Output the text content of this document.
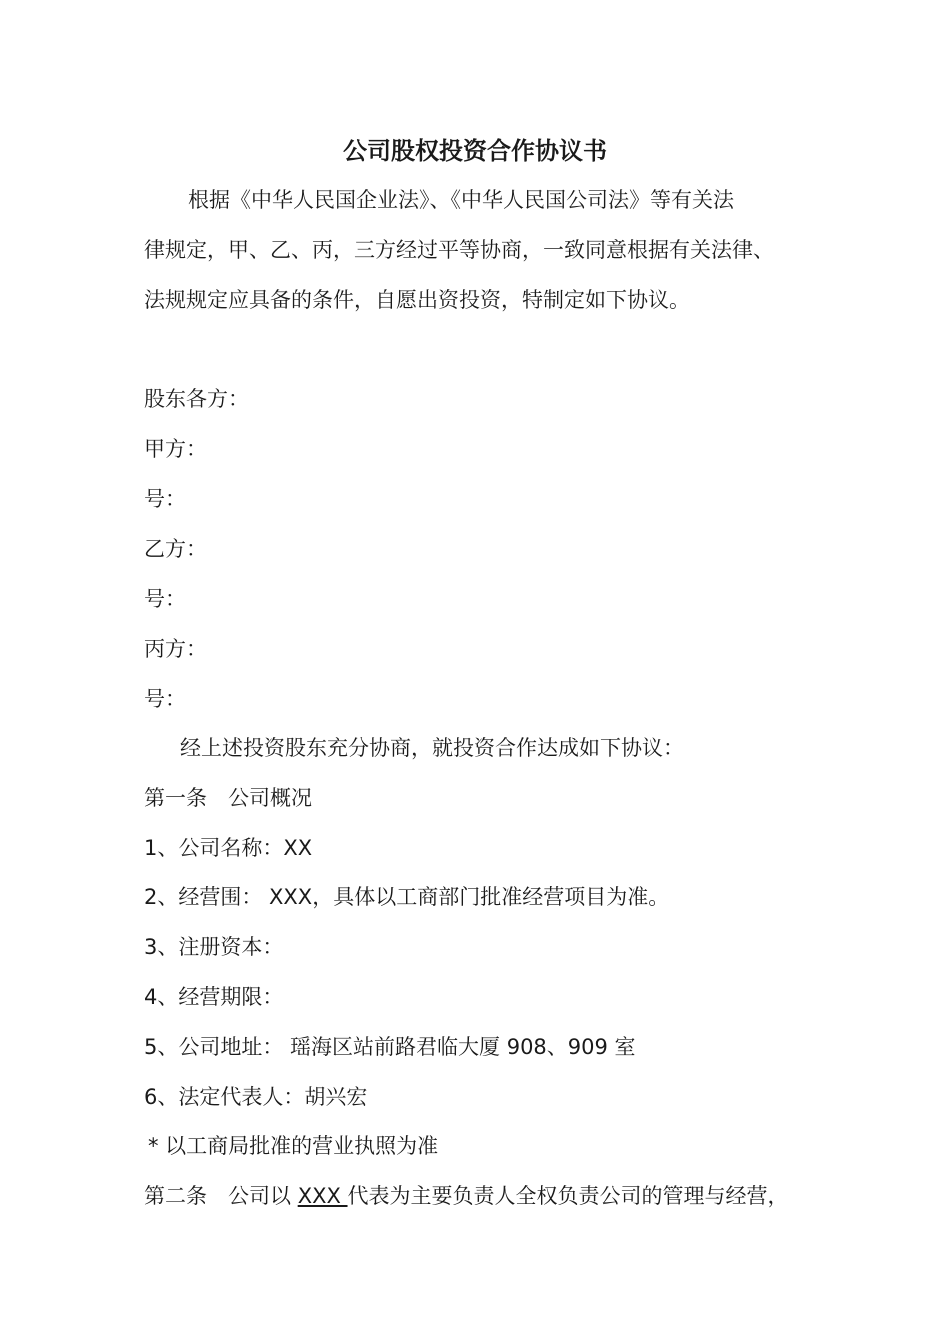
公司股权投资合作协议书
根据《中华人民国企业法》、《中华人民国公司法》等有关法
律规定，甲、乙、丙，三方经过平等协商，一致同意根据有关法律、
法规规定应具备的条件，自愿出资投资，特制定如下协议。
股东各方：
甲方：
号：
乙方：
号：
丙方：
号：
经上述投资股东充分协商，就投资合作达成如下协议：
第一条　公司概况
1、公司名称：XX
2、经营围： XXX，具体以工商部门批准经营项目为准。
3、注册资本：
4、经营期限：
5、公司地址： 瑶海区站前路君临大厦 908、909 室
6、法定代表人：胡兴宏
* 以工商局批准的营业执照为准
第二条　公司以 XXX 代表为主要负责人全权负责公司的管理与经营，
